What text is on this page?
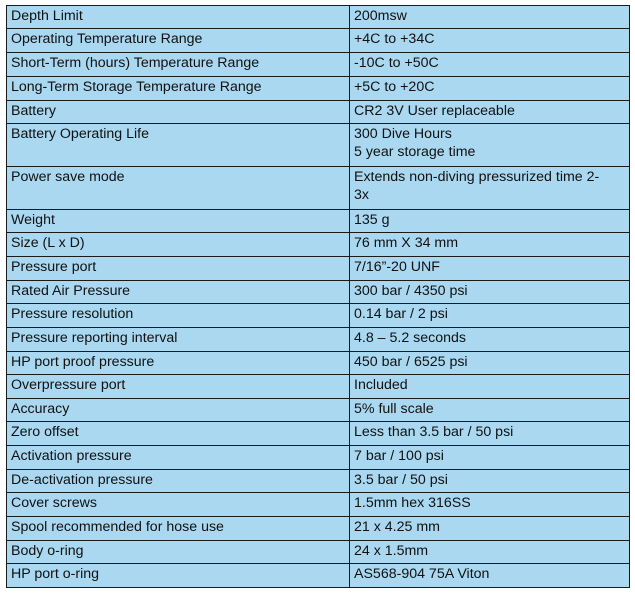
Depth Limit	200msw

Operating Temperature Range	+4C to +34C

Short-Term (hours) Temperature Range	-10C to +50C

Long-Term Storage Temperature Range	+5C to +20C

Battery	CR2 3V User replaceable

Battery Operating Life	300 Dive Hours
5 year storage time

Power save mode	Extends non-diving pressurized time 2-
3x

Weight	135 g

Size (L x D)	76 mm X 34 mm

Pressure port	7/16”-20 UNF

Rated Air Pressure	300 bar / 4350 psi

Pressure resolution	0.14 bar / 2 psi

Pressure reporting interval	4.8 – 5.2 seconds

HP port proof pressure	450 bar / 6525 psi

Overpressure port	Included

Accuracy	5% full scale

Zero offset	Less than 3.5 bar / 50 psi

Activation pressure	7 bar / 100 psi

De-activation pressure	3.5 bar / 50 psi

Cover screws	1.5mm hex 316SS

Spool recommended for hose use	21 x 4.25 mm

Body o-ring	24 x 1.5mm

HP port o-ring	AS568-904 75A Viton
